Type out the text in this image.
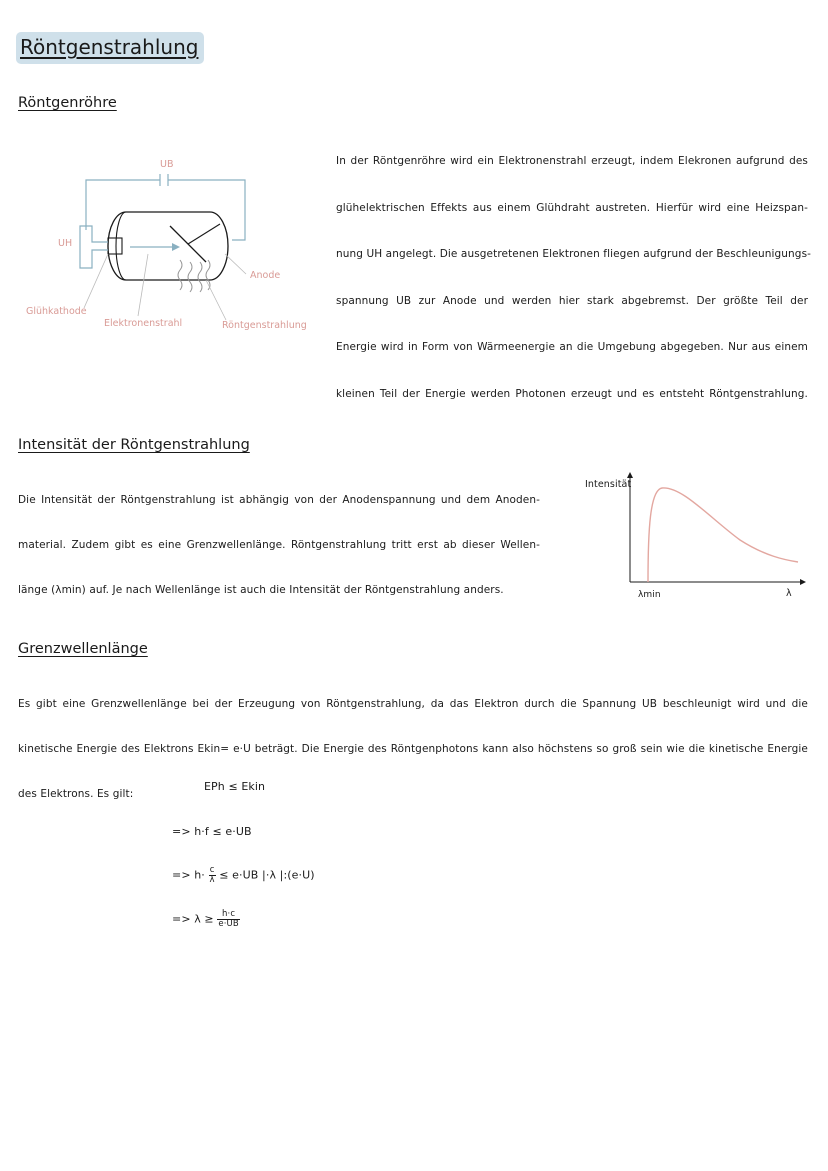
Röntgenstrahlung
Röntgenröhre
UB
UH
Anode
Glühkathode
Elektronenstrahl	Röntgenstrahlung
In der Röntgenröhre wird ein Elektronenstrahl erzeugt, indem Elekronen aufgrund des
glühelektrischen Effekts aus einem Glühdraht austreten. Hierfür wird eine Heizspan-
nung UH angelegt. Die ausgetretenen Elektronen fliegen aufgrund der Beschleunigungs-
spannung UB zur Anode und werden hier stark abgebremst. Der größte Teil der
Energie wird in Form von Wärmeenergie an die Umgebung abgegeben. Nur aus einem
kleinen Teil der Energie werden Photonen erzeugt und es entsteht Röntgenstrahlung.
Intensität der Röntgenstrahlung
Die Intensität der Röntgenstrahlung ist abhängig von der Anodenspannung und dem Anoden-
material. Zudem gibt es eine Grenzwellenlänge. Röntgenstrahlung tritt erst ab dieser Wellen-
länge (λmin) auf. Je nach Wellenlänge ist auch die Intensität der Röntgenstrahlung anders.
Intensität
λmin	λ
Grenzwellenlänge
Es gibt eine Grenzwellenlänge bei der Erzeugung von Röntgenstrahlung, da das Elektron durch die Spannung UB beschleunigt wird und die
kinetische Energie des Elektrons Ekin= e·U beträgt. Die Energie des Röntgenphotons kann also höchstens so groß sein wie die kinetische Energie
des Elektrons. Es gilt:
EPh ≤ Ekin
=> h·f ≤ e·UB
=> $h\cdot \frac{c}{\lambda} \le e\cdot UB$ |·λ |:(e·U)
=> $\lambda \ge \frac{h\cdot c}{e\cdot UB}$
